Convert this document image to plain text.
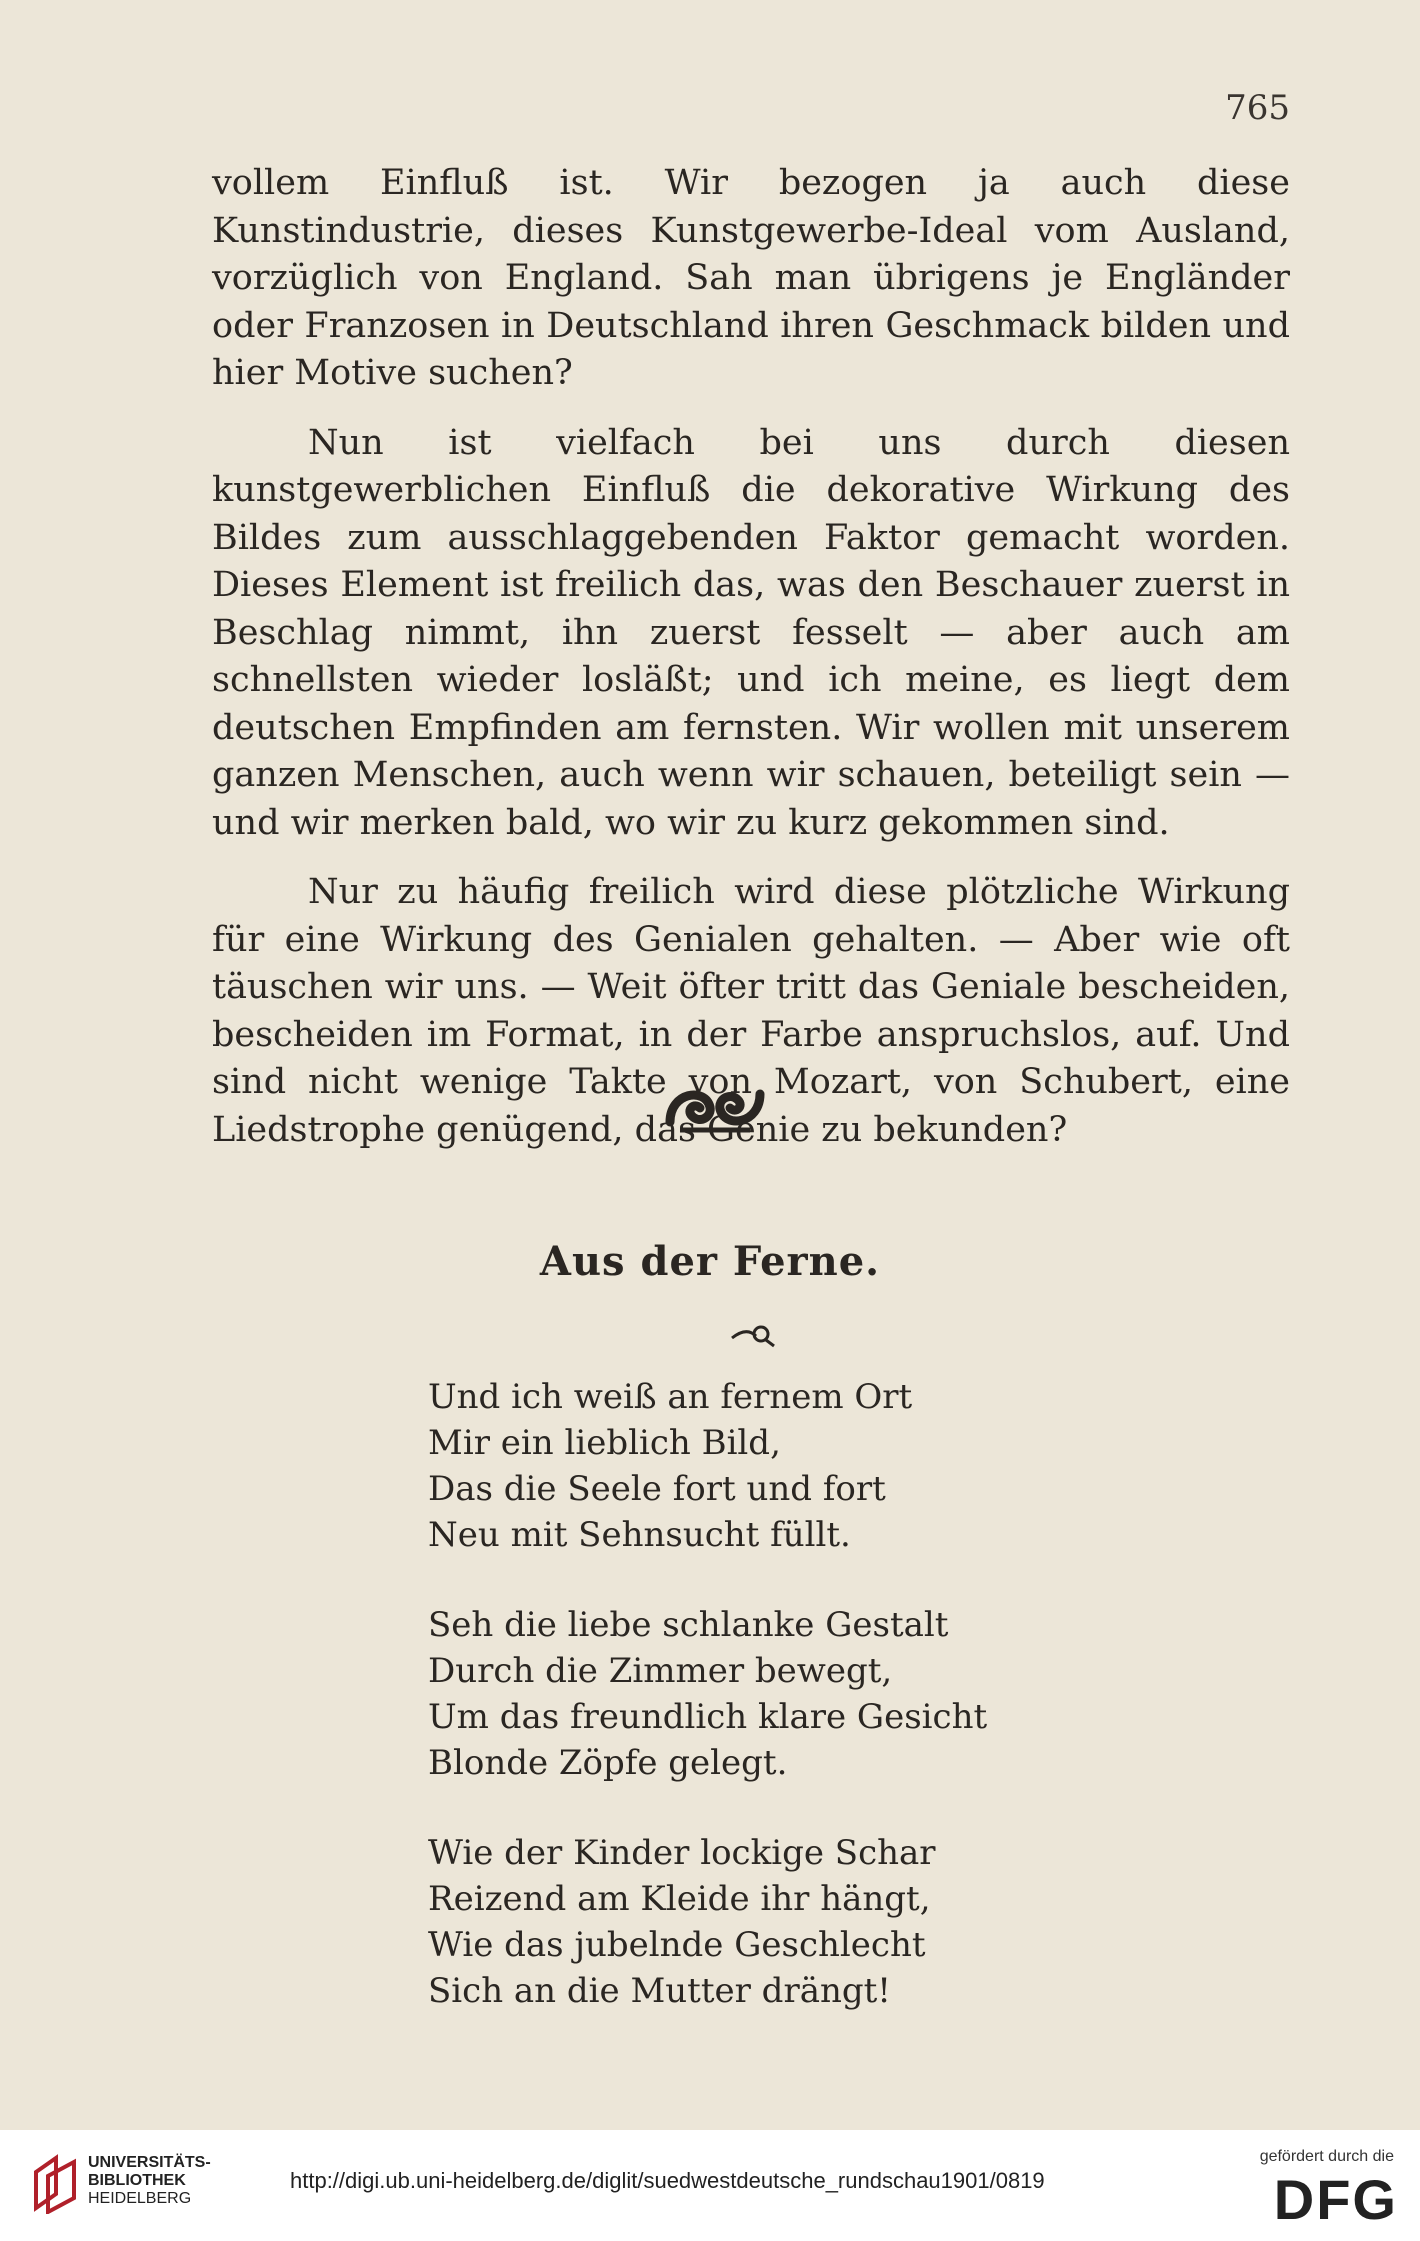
765

vollem Einfluß ist. Wir bezogen ja auch diese Kunstindustrie, dieses Kunstgewerbe-Ideal vom Ausland, vorzüglich von England. Sah man übrigens je Engländer oder Franzosen in Deutschland ihren Geschmack bilden und hier Motive suchen?

Nun ist vielfach bei uns durch diesen kunstgewerblichen Einfluß die dekorative Wirkung des Bildes zum ausschlaggebenden Faktor gemacht worden. Dieses Element ist freilich das, was den Beschauer zuerst in Beschlag nimmt, ihn zuerst fesselt — aber auch am schnellsten wieder losläßt; und ich meine, es liegt dem deutschen Empfinden am fernsten. Wir wollen mit unserem ganzen Menschen, auch wenn wir schauen, beteiligt sein — und wir merken bald, wo wir zu kurz gekommen sind.

Nur zu häufig freilich wird diese plötzliche Wirkung für eine Wirkung des Genialen gehalten. — Aber wie oft täuschen wir uns. — Weit öfter tritt das Geniale bescheiden, bescheiden im Format, in der Farbe anspruchslos, auf. Und sind nicht wenige Takte von Mozart, von Schubert, eine Liedstrophe genügend, das Genie zu bekunden?

Aus der Ferne.
Und ich weiß an fernem Ort
Mir ein lieblich Bild,
Das die Seele fort und fort
Neu mit Sehnsucht füllt.
Seh die liebe schlanke Gestalt
Durch die Zimmer bewegt,
Um das freundlich klare Gesicht
Blonde Zöpfe gelegt.
Wie der Kinder lockige Schar
Reizend am Kleide ihr hängt,
Wie das jubelnde Geschlecht
Sich an die Mutter drängt!
UNIVERSITÄTS-
BIBLIOTHEK
HEIDELBERG
http://digi.ub.uni-heidelberg.de/diglit/suedwestdeutsche_rundschau1901/0819
gefördert durch die
DFG
